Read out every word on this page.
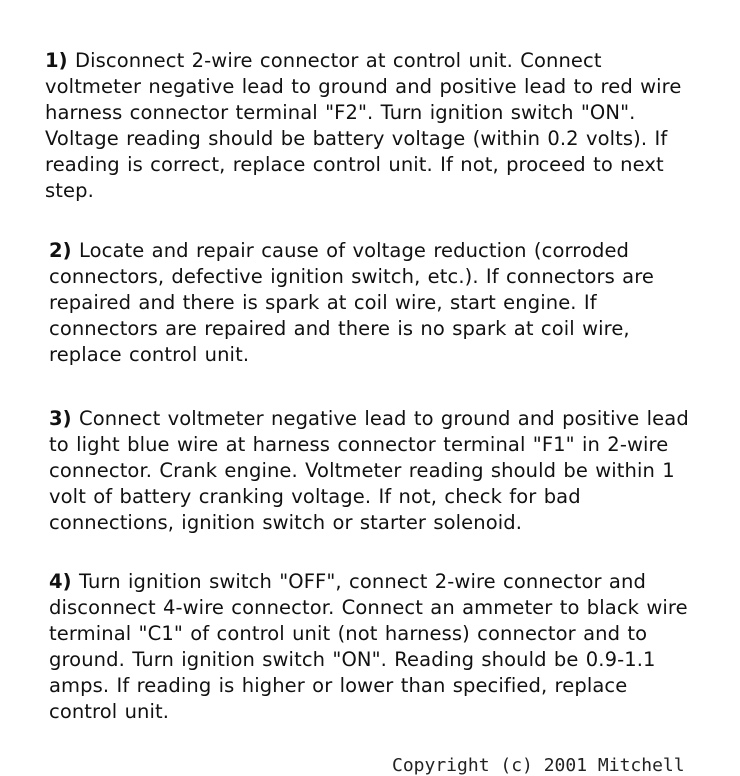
1) Disconnect 2-wire connector at control unit. Connect voltmeter negative lead to ground and positive lead to red wire harness connector terminal "F2". Turn ignition switch "ON". Voltage reading should be battery voltage (within 0.2 volts). If reading is correct, replace control unit. If not, proceed to next step.

2) Locate and repair cause of voltage reduction (corroded connectors, defective ignition switch, etc.). If connectors are repaired and there is spark at coil wire, start engine. If connectors are repaired and there is no spark at coil wire, replace control unit.

3) Connect voltmeter negative lead to ground and positive lead to light blue wire at harness connector terminal "F1" in 2-wire connector. Crank engine. Voltmeter reading should be within 1 volt of battery cranking voltage. If not, check for bad connections, ignition switch or starter solenoid.

4) Turn ignition switch "OFF", connect 2-wire connector and disconnect 4-wire connector. Connect an ammeter to black wire terminal "C1" of control unit (not harness) connector and to ground. Turn ignition switch "ON". Reading should be 0.9-1.1 amps. If reading is higher or lower than specified, replace control unit.

Copyright (c) 2001 Mitchell
